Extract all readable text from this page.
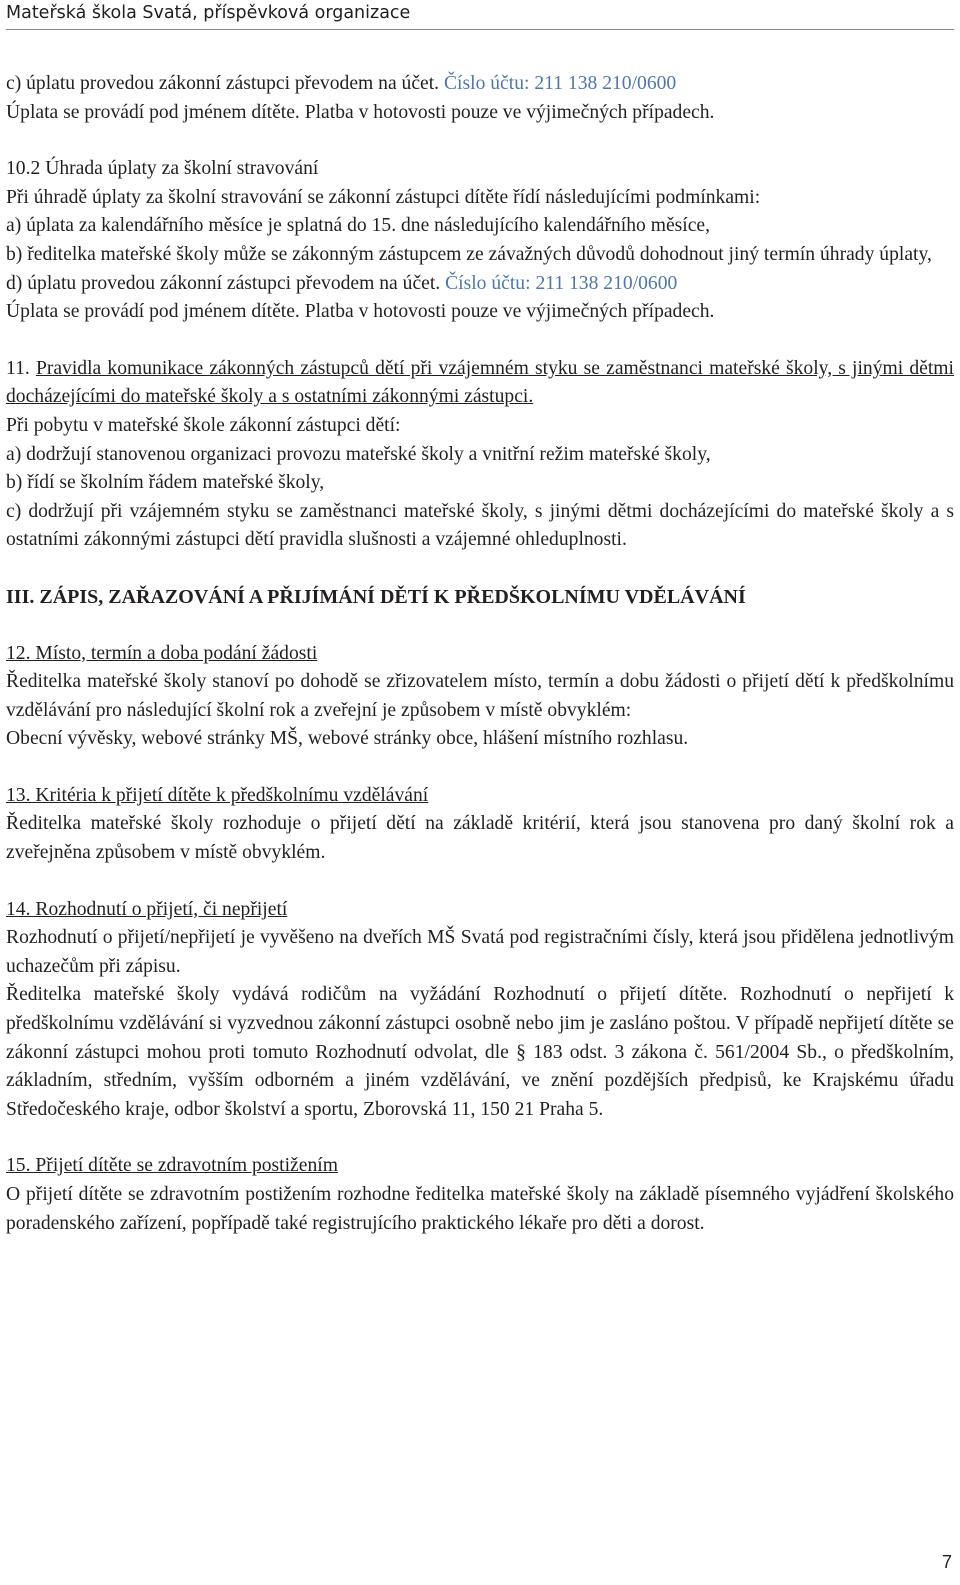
Mateřská škola Svatá, příspěvková organizace

c) úplatu provedou zákonní zástupci převodem na účet. Číslo účtu: 211 138 210/0600

Úplata se provádí pod jménem dítěte. Platba v hotovosti pouze ve výjimečných případech.

10.2 Úhrada úplaty za školní stravování

Při úhradě úplaty za školní stravování se zákonní zástupci dítěte řídí následujícími podmínkami:

a) úplata za kalendářního měsíce je splatná do 15. dne následujícího kalendářního měsíce,

b) ředitelka mateřské školy může se zákonným zástupcem ze závažných důvodů dohodnout jiný termín úhrady úplaty,

d) úplatu provedou zákonní zástupci převodem na účet. Číslo účtu: 211 138 210/0600

Úplata se provádí pod jménem dítěte. Platba v hotovosti pouze ve výjimečných případech.

11. Pravidla komunikace zákonných zástupců dětí při vzájemném styku se zaměstnanci mateřské školy, s jinými dětmi docházejícími do mateřské školy a s ostatními zákonnými zástupci.

Při pobytu v mateřské škole zákonní zástupci dětí:

a) dodržují stanovenou organizaci provozu mateřské školy a vnitřní režim mateřské školy,

b) řídí se školním řádem mateřské školy,

c) dodržují při vzájemném styku se zaměstnanci mateřské školy, s jinými dětmi docházejícími do mateřské školy a s ostatními zákonnými zástupci dětí pravidla slušnosti a vzájemné ohleduplnosti.

III. ZÁPIS, ZAŘAZOVÁNÍ A PŘIJÍMÁNÍ DĚTÍ K PŘEDŠKOLNÍMU VDĚLÁVÁNÍ

12. Místo, termín a doba podání žádosti

Ředitelka mateřské školy stanoví po dohodě se zřizovatelem místo, termín a dobu žádosti o přijetí dětí k předškolnímu vzdělávání pro následující školní rok a zveřejní je způsobem v místě obvyklém:

Obecní vývěsky, webové stránky MŠ, webové stránky obce, hlášení místního rozhlasu.

13. Kritéria k přijetí dítěte k předškolnímu vzdělávání

Ředitelka mateřské školy rozhoduje o přijetí dětí na základě kritérií, která jsou stanovena pro daný školní rok a zveřejněna způsobem v místě obvyklém.

14. Rozhodnutí o přijetí, či nepřijetí

Rozhodnutí o přijetí/nepřijetí je vyvěšeno na dveřích MŠ Svatá pod registračními čísly, která jsou přidělena jednotlivým uchazečům při zápisu.

Ředitelka mateřské školy vydává rodičům na vyžádání Rozhodnutí o přijetí dítěte. Rozhodnutí o nepřijetí k předškolnímu vzdělávání si vyzvednou zákonní zástupci osobně nebo jim je zasláno poštou. V případě nepřijetí dítěte se zákonní zástupci mohou proti tomuto Rozhodnutí odvolat, dle § 183 odst. 3 zákona č. 561/2004 Sb., o předškolním, základním, středním, vyšším odborném a jiném vzdělávání, ve znění pozdějších předpisů, ke Krajskému úřadu Středočeského kraje, odbor školství a sportu, Zborovská 11, 150 21 Praha 5.

15. Přijetí dítěte se zdravotním postižením

O přijetí dítěte se zdravotním postižením rozhodne ředitelka mateřské školy na základě písemného vyjádření školského poradenského zařízení, popřípadě také registrujícího praktického lékaře pro děti a dorost.

7
